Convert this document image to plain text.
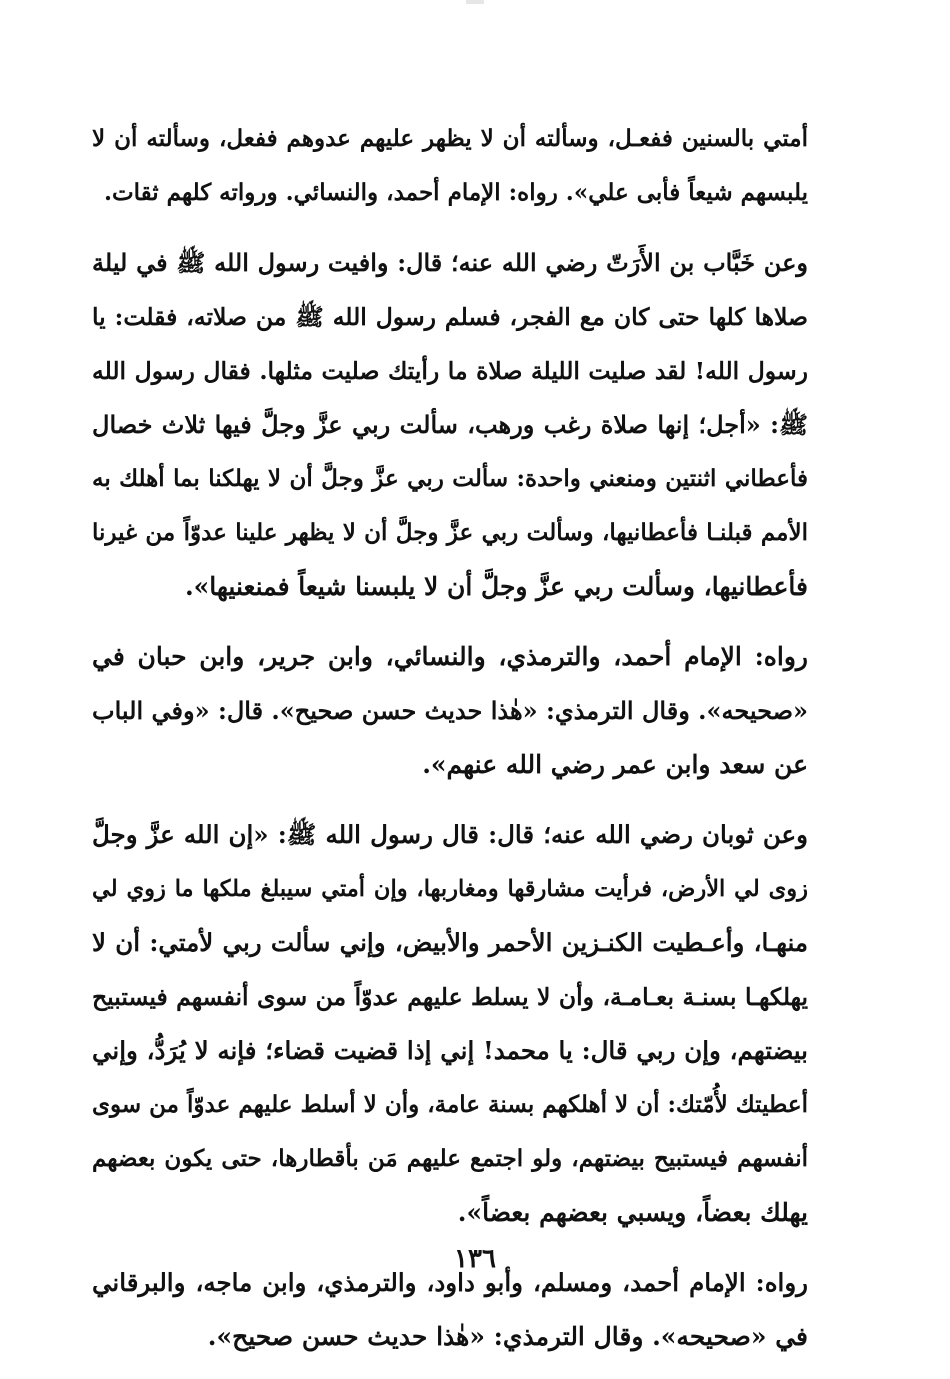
أمتي بالسنين ففعـل، وسألته أن لا يظهر عليهم عدوهم ففعل، وسألته أن لا
يلبسهم شيعاً فأبى علي». رواه: الإمام أحمد، والنسائي. ورواته كلهم ثقات.
وعن خَبَّاب بن الأَرَتّ رضي الله عنه؛ قال: وافيت رسول الله ﷺ في ليلة
صلاها كلها حتى كان مع الفجر، فسلم رسول الله ﷺ من صلاته، فقلت: يا
رسول الله! لقد صليت الليلة صلاة ما رأيتك صليت مثلها. فقال رسول الله
ﷺ: «أجل؛ إنها صلاة رغب ورهب، سألت ربي عزَّ وجلَّ فيها ثلاث خصال
فأعطاني اثنتين ومنعني واحدة: سألت ربي عزَّ وجلَّ أن لا يهلكنا بما أهلك به
الأمم قبلنـا فأعطانيها، وسألت ربي عزَّ وجلَّ أن لا يظهر علينا عدوّاً من غيرنا
فأعطانيها، وسألت ربي عزَّ وجلَّ أن لا يلبسنا شيعاً فمنعنيها».
رواه: الإمام أحمد، والترمذي، والنسائي، وابن جرير، وابن حبان في
«صحيحه». وقال الترمذي: «هٰذا حديث حسن صحيح». قال: «وفي الباب
عن سعد وابن عمر رضي الله عنهم».
وعن ثوبان رضي الله عنه؛ قال: قال رسول الله ﷺ: «إن الله عزَّ وجلَّ
زوى لي الأرض، فرأيت مشارقها ومغاربها، وإن أمتي سيبلغ ملكها ما زوي لي
منهـا، وأعـطيت الكنـزين الأحمر والأبيض، وإني سألت ربي لأمتي: أن لا
يهلكهـا بسنـة بعـامـة، وأن لا يسلط عليهم عدوّاً من سوى أنفسهم فيستبيح
بيضتهم، وإن ربي قال: يا محمد! إني إذا قضيت قضاء؛ فإنه لا يُرَدُّ، وإني
أعطيتك لأُمّتك: أن لا أهلكهم بسنة عامة، وأن لا أسلط عليهم عدوّاً من سوى
أنفسهم فيستبيح بيضتهم، ولو اجتمع عليهم مَن بأقطارها، حتى يكون بعضهم
يهلك بعضاً، ويسبي بعضهم بعضاً».
رواه: الإمام أحمد، ومسلم، وأبو داود، والترمذي، وابن ماجه، والبرقاني
في «صحيحه». وقال الترمذي: «هٰذا حديث حسن صحيح».
١٣٦
